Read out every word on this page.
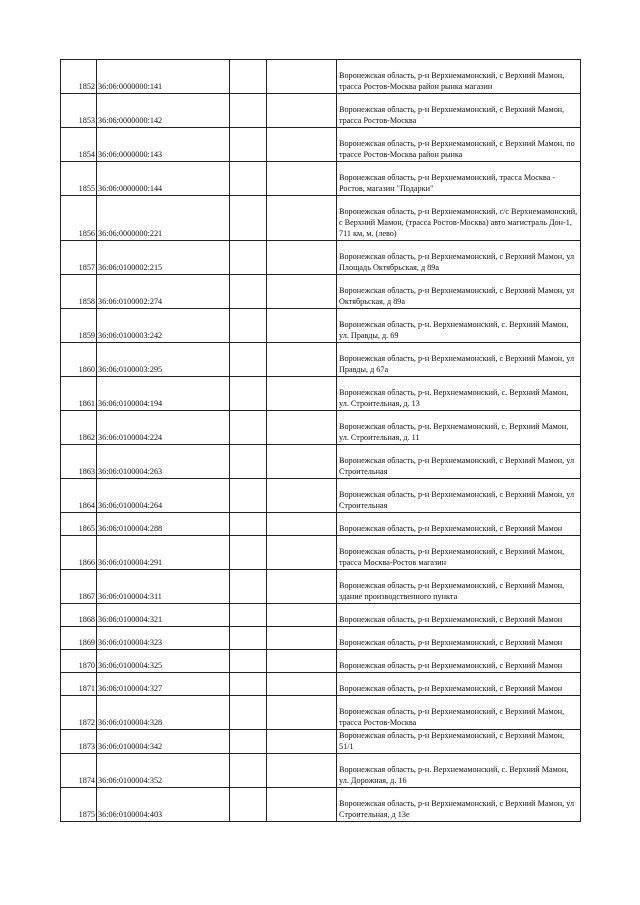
1852	36:06:0000000:141			Воронежская область, р-н Верхнемамонский, с Верхний Мамон, трасса Ростов-Москва район рынка магазин
1853	36:06:0000000:142			Воронежская область, р-н Верхнемамонский, с Верхний Мамон, трасса Ростов-Москва
1854	36:06:0000000:143			Воронежская область, р-н Верхнемамонский, с Верхний Мамон, по трассе Ростов-Москва район рынка
1855	36:06:0000000:144			Воронежская область, р-н Верхнемамонский, трасса Москва - Ростов, магазин "Подарки"
1856	36:06:0000000:221			Воронежская область, р-н Верхнемамонский, с/с Верхнемамонский, с Верхний Мамон, (трасса Ростов-Москва) авто магистраль Дон-1, 711 км, м. (лево)
1857	36:06:0100002:215			Воронежская область, р-н Верхнемамонский, с Верхний Мамон, ул Площадь Октябрьская, д 89а
1858	36:06:0100002:274			Воронежская область, р-н Верхнемамонский, с Верхний Мамон, ул Октябрьская, д 89а
1859	36:06:0100003:242			Воронежская область, р-н. Верхнемамонский, с. Верхний Мамон, ул. Правды, д. 69
1860	36:06:0100003:295			Воронежская область, р-н Верхнемамонский, с Верхний Мамон, ул Правды, д 67а
1861	36:06:0100004:194			Воронежская область, р-н. Верхнемамонский, с. Верхний Мамон, ул. Строительная, д. 13
1862	36:06:0100004:224			Воронежская область, р-н. Верхнемамонский, с. Верхний Мамон, ул. Строительная, д. 11
1863	36:06:0100004:263			Воронежская область, р-н Верхнемамонский, с Верхний Мамон, ул Строительная
1864	36:06:0100004:264			Воронежская область, р-н Верхнемамонский, с Верхний Мамон, ул Строительная
1865	36:06:0100004:288			Воронежская область, р-н Верхнемамонский, с Верхний Мамон
1866	36:06:0100004:291			Воронежская область, р-н Верхнемамонский, с Верхний Мамон, трасса Москва-Ростов магазин
1867	36:06:0100004:311			Воронежская область, р-н Верхнемамонский, с Верхний Мамон, здание производственного пункта
1868	36:06:0100004:321			Воронежская область, р-н Верхнемамонский, с Верхний Мамон
1869	36:06:0100004:323			Воронежская область, р-н Верхнемамонский, с Верхний Мамон
1870	36:06:0100004:325			Воронежская область, р-н Верхнемамонский, с Верхний Мамон
1871	36:06:0100004:327			Воронежская область, р-н Верхнемамонский, с Верхний Мамон
1872	36:06:0100004:328			Воронежская область, р-н Верхнемамонский, с Верхний Мамон, трасса Ростов-Москва
1873	36:06:0100004:342			Воронежская область, р-н Верхнемамонский, с Верхний Мамон, 51/1
1874	36:06:0100004:352			Воронежская область, р-н. Верхнемамонский, с. Верхний Мамон, ул. Дорожная, д. 16
1875	36:06:0100004:403			Воронежская область, р-н Верхнемамонский, с Верхний Мамон, ул Строительная, д 13е
